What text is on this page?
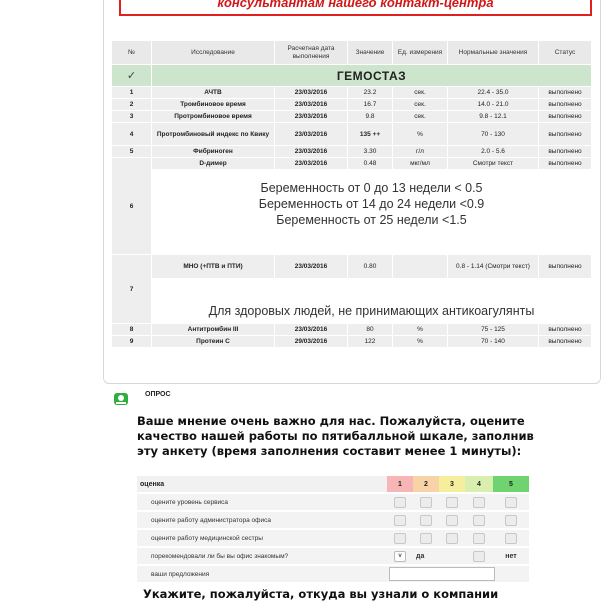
консультантам нашего контакт-центра
№	Исследование	Расчетная дата выполнения	Значение	Ед. измерения	Нормальные значения	Статус
✓	ГЕМОСТАЗ					
1	АЧТВ	23/03/2016	23.2	сек.	22.4 - 35.0	выполнено
2	Тромбиновое время	23/03/2016	16.7	сек.	14.0 - 21.0	выполнено
3	Протромбиновое время	23/03/2016	9.8	сек.	9.8 - 12.1	выполнено
4	Протромбиновый индекс по Квику	23/03/2016	135 ++	%	70 - 130	выполнено
5	Фибриноген	23/03/2016	3.30	г/л	2.0 - 5.6	выполнено
6	D-димер	23/03/2016	0.48	мкг/мл	Смотри текст	выполнено

	Беременность от 0 до 13 недели < 0.5
Беременность от 14 до 24 недели <0.9
Беременность от 25 недели <1.5					

7	МНО (+ПТВ и ПТИ)	23/03/2016	0.80		0.8 - 1.14 (Смотри текст)	выполнено

	Для здоровых людей, не принимающих антикоагулянты					

8	Антитромбин III	23/03/2016	80	%	75 - 125	выполнено
9	Протеин С	29/03/2016	122	%	70 - 140	выполнено
ОПРОС
Ваше мнение очень важно для нас. Пожалуйста, оцените качество нашей работы по пятибалльной шкале, заполнив эту анкету (время заполнения составит менее 1 минуты):
оценка	1	2	3	4	5
оцените уровень сервиса					
оцените работу администратора офиса					
оцените работу медицинской сестры					
порекомендовали ли бы вы офис знакомым?	v	да			нет
ваши предложения					
Укажите, пожалуйста, откуда вы узнали о компании
